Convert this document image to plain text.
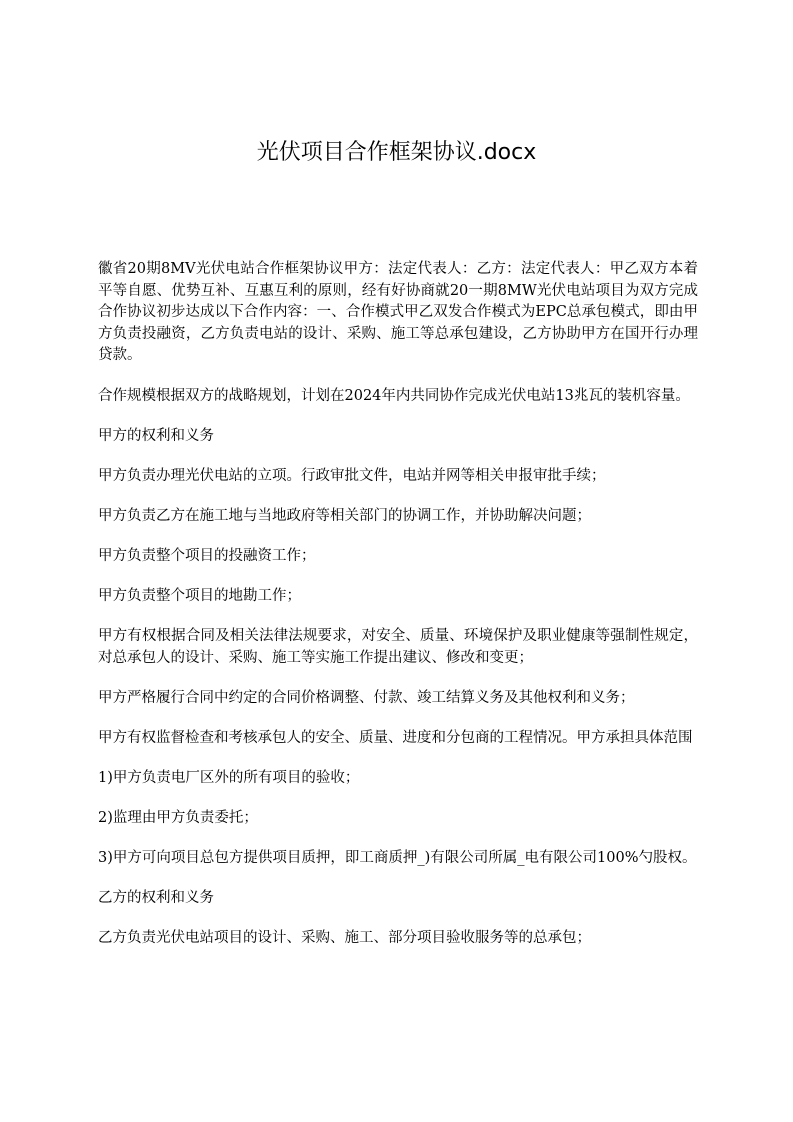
光伏项目合作框架协议.docx

徽省20期8MV光伏电站合作框架协议甲方：法定代表人：乙方：法定代表人：甲乙双方本着平等自愿、优势互补、互惠互利的原则，经有好协商就20一期8MW光伏电站项目为双方完成合作协议初步达成以下合作内容：一、合作模式甲乙双发合作模式为EPC总承包模式，即由甲方负责投融资，乙方负责电站的设计、采购、施工等总承包建设，乙方协助甲方在国开行办理贷款。

合作规模根据双方的战略规划，计划在2024年内共同协作完成光伏电站13兆瓦的装机容量。

甲方的权利和义务

甲方负责办理光伏电站的立项。行政审批文件，电站并网等相关申报审批手续；

甲方负责乙方在施工地与当地政府等相关部门的协调工作，并协助解决问题；

甲方负责整个项目的投融资工作；

甲方负责整个项目的地勘工作；

甲方有权根据合同及相关法律法规要求，对安全、质量、环境保护及职业健康等强制性规定，对总承包人的设计、采购、施工等实施工作提出建议、修改和变更；

甲方严格履行合同中约定的合同价格调整、付款、竣工结算义务及其他权利和义务；

甲方有权监督检查和考核承包人的安全、质量、进度和分包商的工程情况。甲方承担具体范围

1)甲方负责电厂区外的所有项目的验收；

2)监理由甲方负责委托；

3)甲方可向项目总包方提供项目质押，即工商质押_)有限公司所属_电有限公司100%勺股权。

乙方的权利和义务

乙方负责光伏电站项目的设计、采购、施工、部分项目验收服务等的总承包；
